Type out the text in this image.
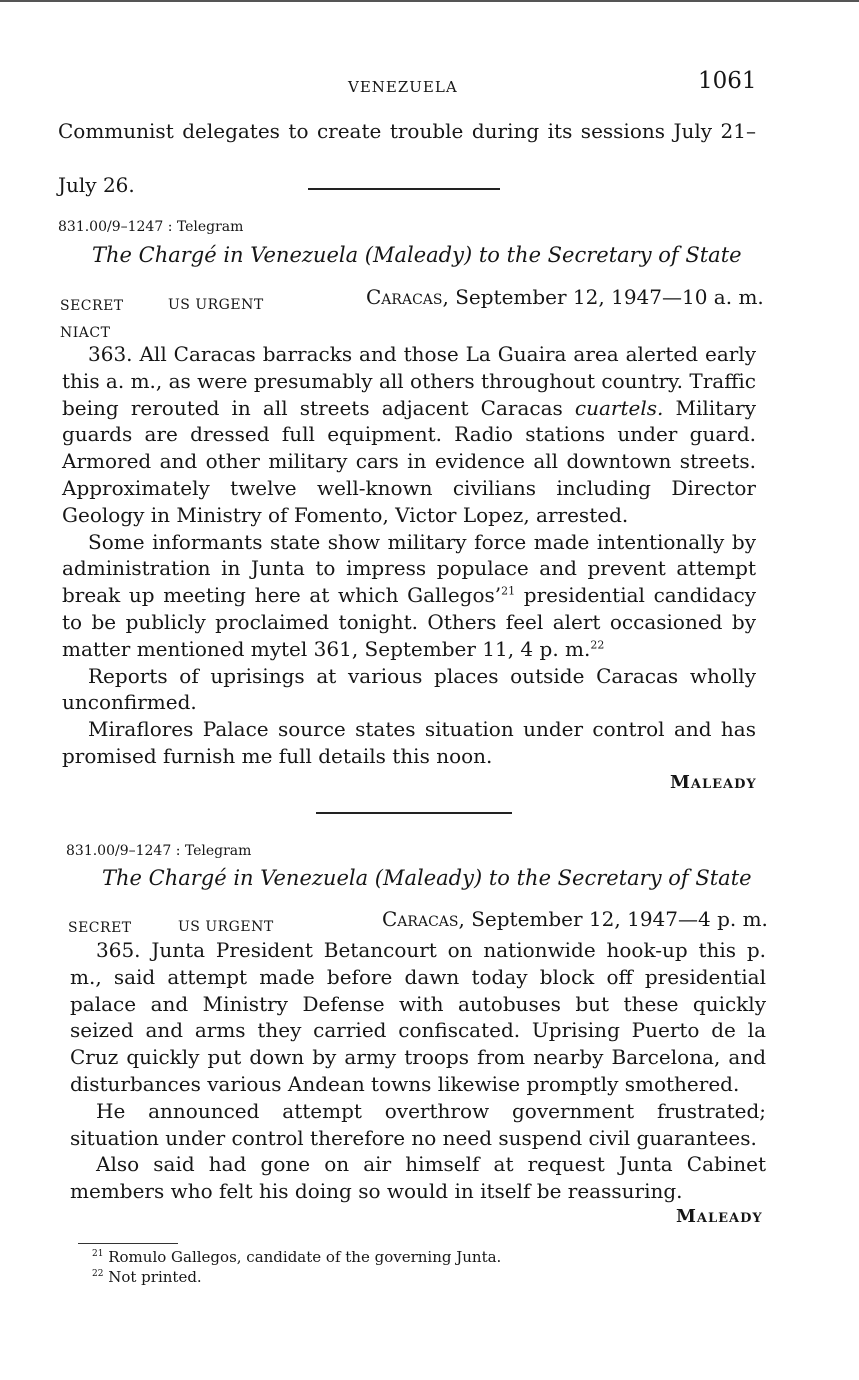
VENEZUELA	1061

Communist delegates to create trouble during its sessions July 21–

July 26.

831.00/9–1247 : Telegram
The Chargé in Venezuela (Maleady) to the Secretary of State
SECRET	US URGENT	Caracas, September 12, 1947—10 a. m.
NIACT

363. All Caracas barracks and those La Guaira area alerted early this a. m., as were presumably all others throughout country. Traffic being rerouted in all streets adjacent Caracas cuartels. Military guards are dressed full equipment. Radio stations under guard. Armored and other military cars in evidence all downtown streets. Approximately twelve well-known civilians including Director Geology in Ministry of Fomento, Victor Lopez, arrested.

Some informants state show military force made intentionally by administration in Junta to impress populace and prevent attempt break up meeting here at which Gallegos’$^{21}$ presidential candidacy to be publicly proclaimed tonight. Others feel alert occasioned by matter mentioned mytel 361, September 11, 4 p. m.$^{22}$

Reports of uprisings at various places outside Caracas wholly unconfirmed.

Miraflores Palace source states situation under control and has promised furnish me full details this noon.

Maleady
831.00/9–1247 : Telegram
The Chargé in Venezuela (Maleady) to the Secretary of State
SECRET	US URGENT	Caracas, September 12, 1947—4 p. m.

365. Junta President Betancourt on nationwide hook-up this p. m., said attempt made before dawn today block off presidential palace and Ministry Defense with autobuses but these quickly seized and arms they carried confiscated. Uprising Puerto de la Cruz quickly put down by army troops from nearby Barcelona, and disturbances various Andean towns likewise promptly smothered.

He announced attempt overthrow government frustrated; situation under control therefore no need suspend civil guarantees.

Also said had gone on air himself at request Junta Cabinet members who felt his doing so would in itself be reassuring.

Maleady
$^{21}$ Romulo Gallegos, candidate of the governing Junta.
$^{22}$ Not printed.
